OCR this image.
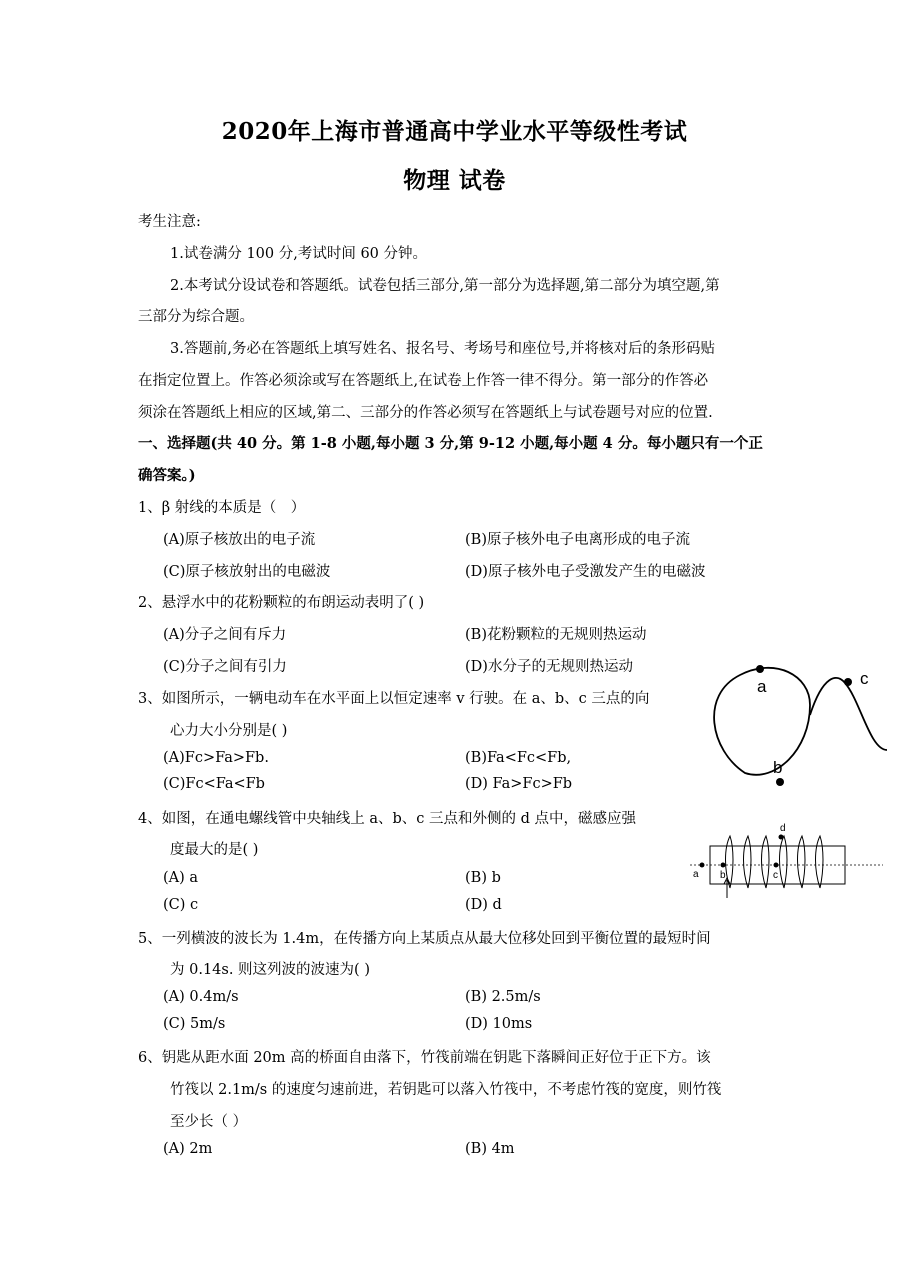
2020年上海市普通高中学业水平等级性考试
物理 试卷
考生注意:
1.试卷满分 100 分,考试时间 60 分钟。
2.本考试分设试卷和答题纸。试卷包括三部分,第一部分为选择题,第二部分为填空题,第
三部分为综合题。
3.答题前,务必在答题纸上填写姓名、报名号、考场号和座位号,并将核对后的条形码贴
在指定位置上。作答必须涂或写在答题纸上,在试卷上作答一律不得分。第一部分的作答必
须涂在答题纸上相应的区域,第二、三部分的作答必须写在答题纸上与试卷题号对应的位置.
一、选择题(共 40 分。第 1-8 小题,每小题 3 分,第 9-12 小题,每小题 4 分。每小题只有一个正
确答案。)
1、β 射线的本质是（　）
(A)原子核放出的电子流	(B)原子核外电子电离形成的电子流
(C)原子核放射出的电磁波	(D)原子核外电子受激发产生的电磁波
2、悬浮水中的花粉颗粒的布朗运动表明了( )
(A)分子之间有斥力	(B)花粉颗粒的无规则热运动
(C)分子之间有引力	(D)水分子的无规则热运动
3、如图所示，一辆电动车在水平面上以恒定速率 v 行驶。在 a、b、c 三点的向
心力大小分别是( )
(A)Fc>Fa>Fb.	(B)Fa<Fc<Fb,
(C)Fc<Fa<Fb	(D) Fa>Fc>Fb
a
b
c
4、如图，在通电螺线管中央轴线上 a、b、c 三点和外侧的 d 点中，磁感应强
度最大的是( )
(A) a	(B) b
(C) c	(D) d
a b	c
d
5、一列横波的波长为 1.4m，在传播方向上某质点从最大位移处回到平衡位置的最短时间
为 0.14s. 则这列波的波速为( )
(A) 0.4m/s	(B) 2.5m/s
(C) 5m/s	(D) 10ms
6、钥匙从距水面 20m 高的桥面自由落下，竹筏前端在钥匙下落瞬间正好位于正下方。该
竹筏以 2.1m/s 的速度匀速前进，若钥匙可以落入竹筏中，不考虑竹筏的宽度，则竹筏
至少长（ ）
(A) 2m	(B) 4m
